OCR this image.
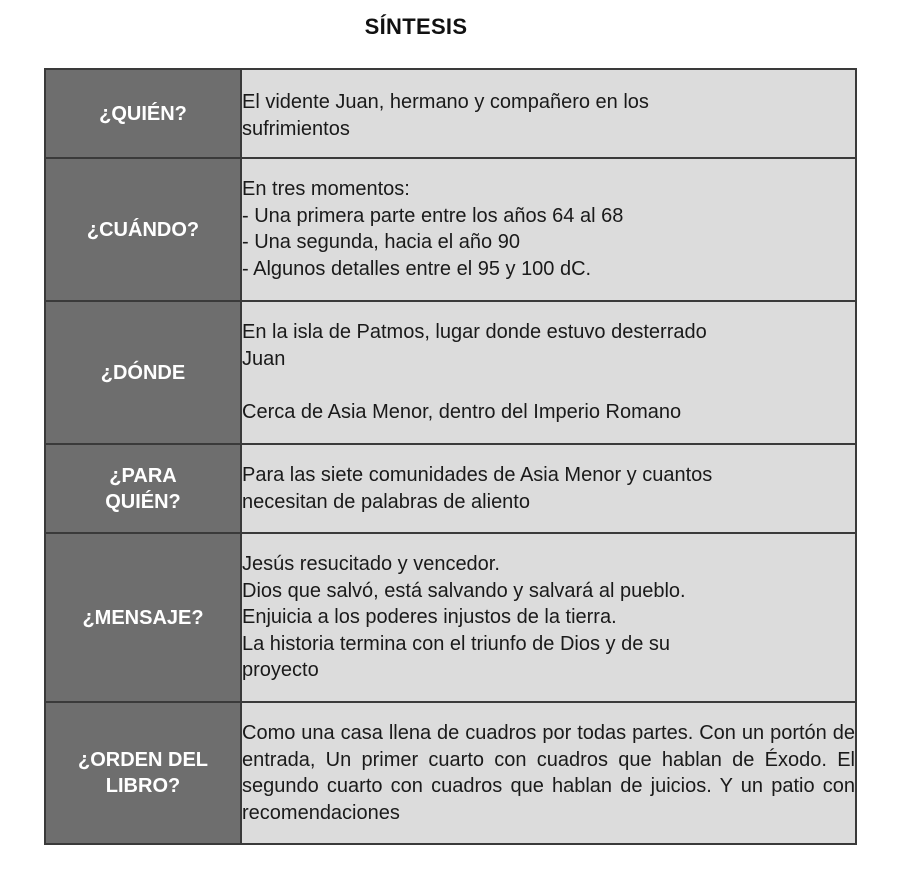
SÍNTESIS
¿QUIÉN?	El vidente Juan, hermano y compañero en los
sufrimientos

¿CUÁNDO?	En tres momentos:
- Una primera parte entre los años 64 al 68
- Una segunda, hacia el año 90
- Algunos detalles entre el 95 y 100 dC.

¿DÓNDE	En la isla de Patmos, lugar donde estuvo desterrado
Juan
Cerca de Asia Menor, dentro del Imperio Romano

¿PARA
QUIÉN?	Para las siete comunidades de Asia Menor y cuantos
necesitan de palabras de aliento

¿MENSAJE?	Jesús resucitado y vencedor.
Dios que salvó, está salvando y salvará al pueblo.
Enjuicia a los poderes injustos de la tierra.
La historia termina con el triunfo de Dios y de su
proyecto

¿ORDEN DEL
LIBRO?	Como una casa llena de cuadros por todas partes. Con un portón de entrada, Un primer cuarto con cuadros que hablan de Éxodo. El segundo cuarto con cuadros que hablan de juicios. Y un patio con recomendaciones
